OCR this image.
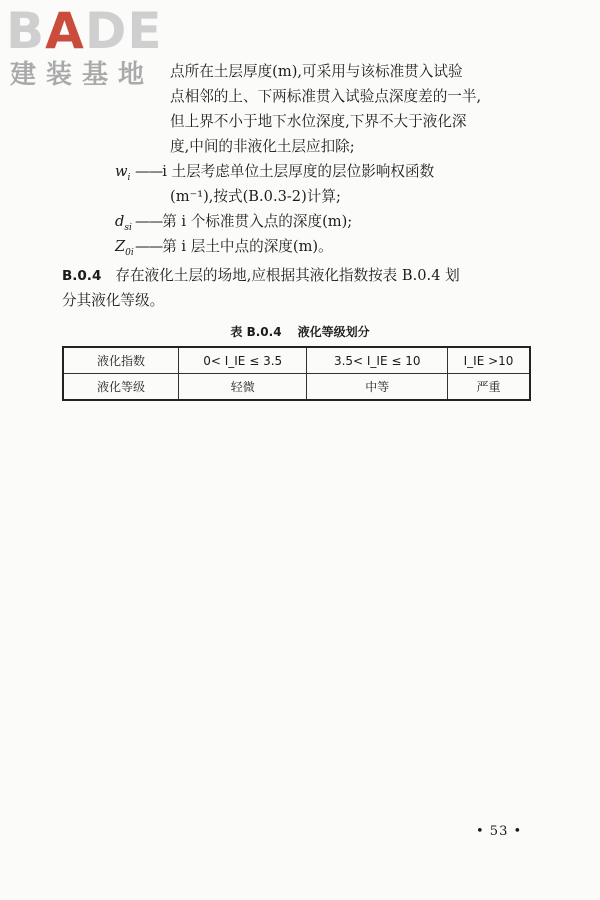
BADE
建装基地	点所在土层厚度(m),可采用与该标准贯入试验
点相邻的上、下两标准贯入试验点深度差的一半,
但上界不小于地下水位深度,下界不大于液化深
度,中间的非液化土层应扣除;
$w_i$ ——i 土层考虑单位土层厚度的层位影响权函数
(m⁻¹),按式(B.0.3-2)计算;
$d_{si}$ ——第 i 个标准贯入点的深度(m);
$Z_{0i}——$第 i 层土中点的深度(m)。
B.0.4 存在液化土层的场地,应根据其液化指数按表 B.0.4 划
分其液化等级。
表 B.0.4 液化等级划分
液化指数	0< I_IE ≤ 3.5	3.5< I_IE ≤ 10	I_IE >10
液化等级	轻微	中等	严重
• 53 •
